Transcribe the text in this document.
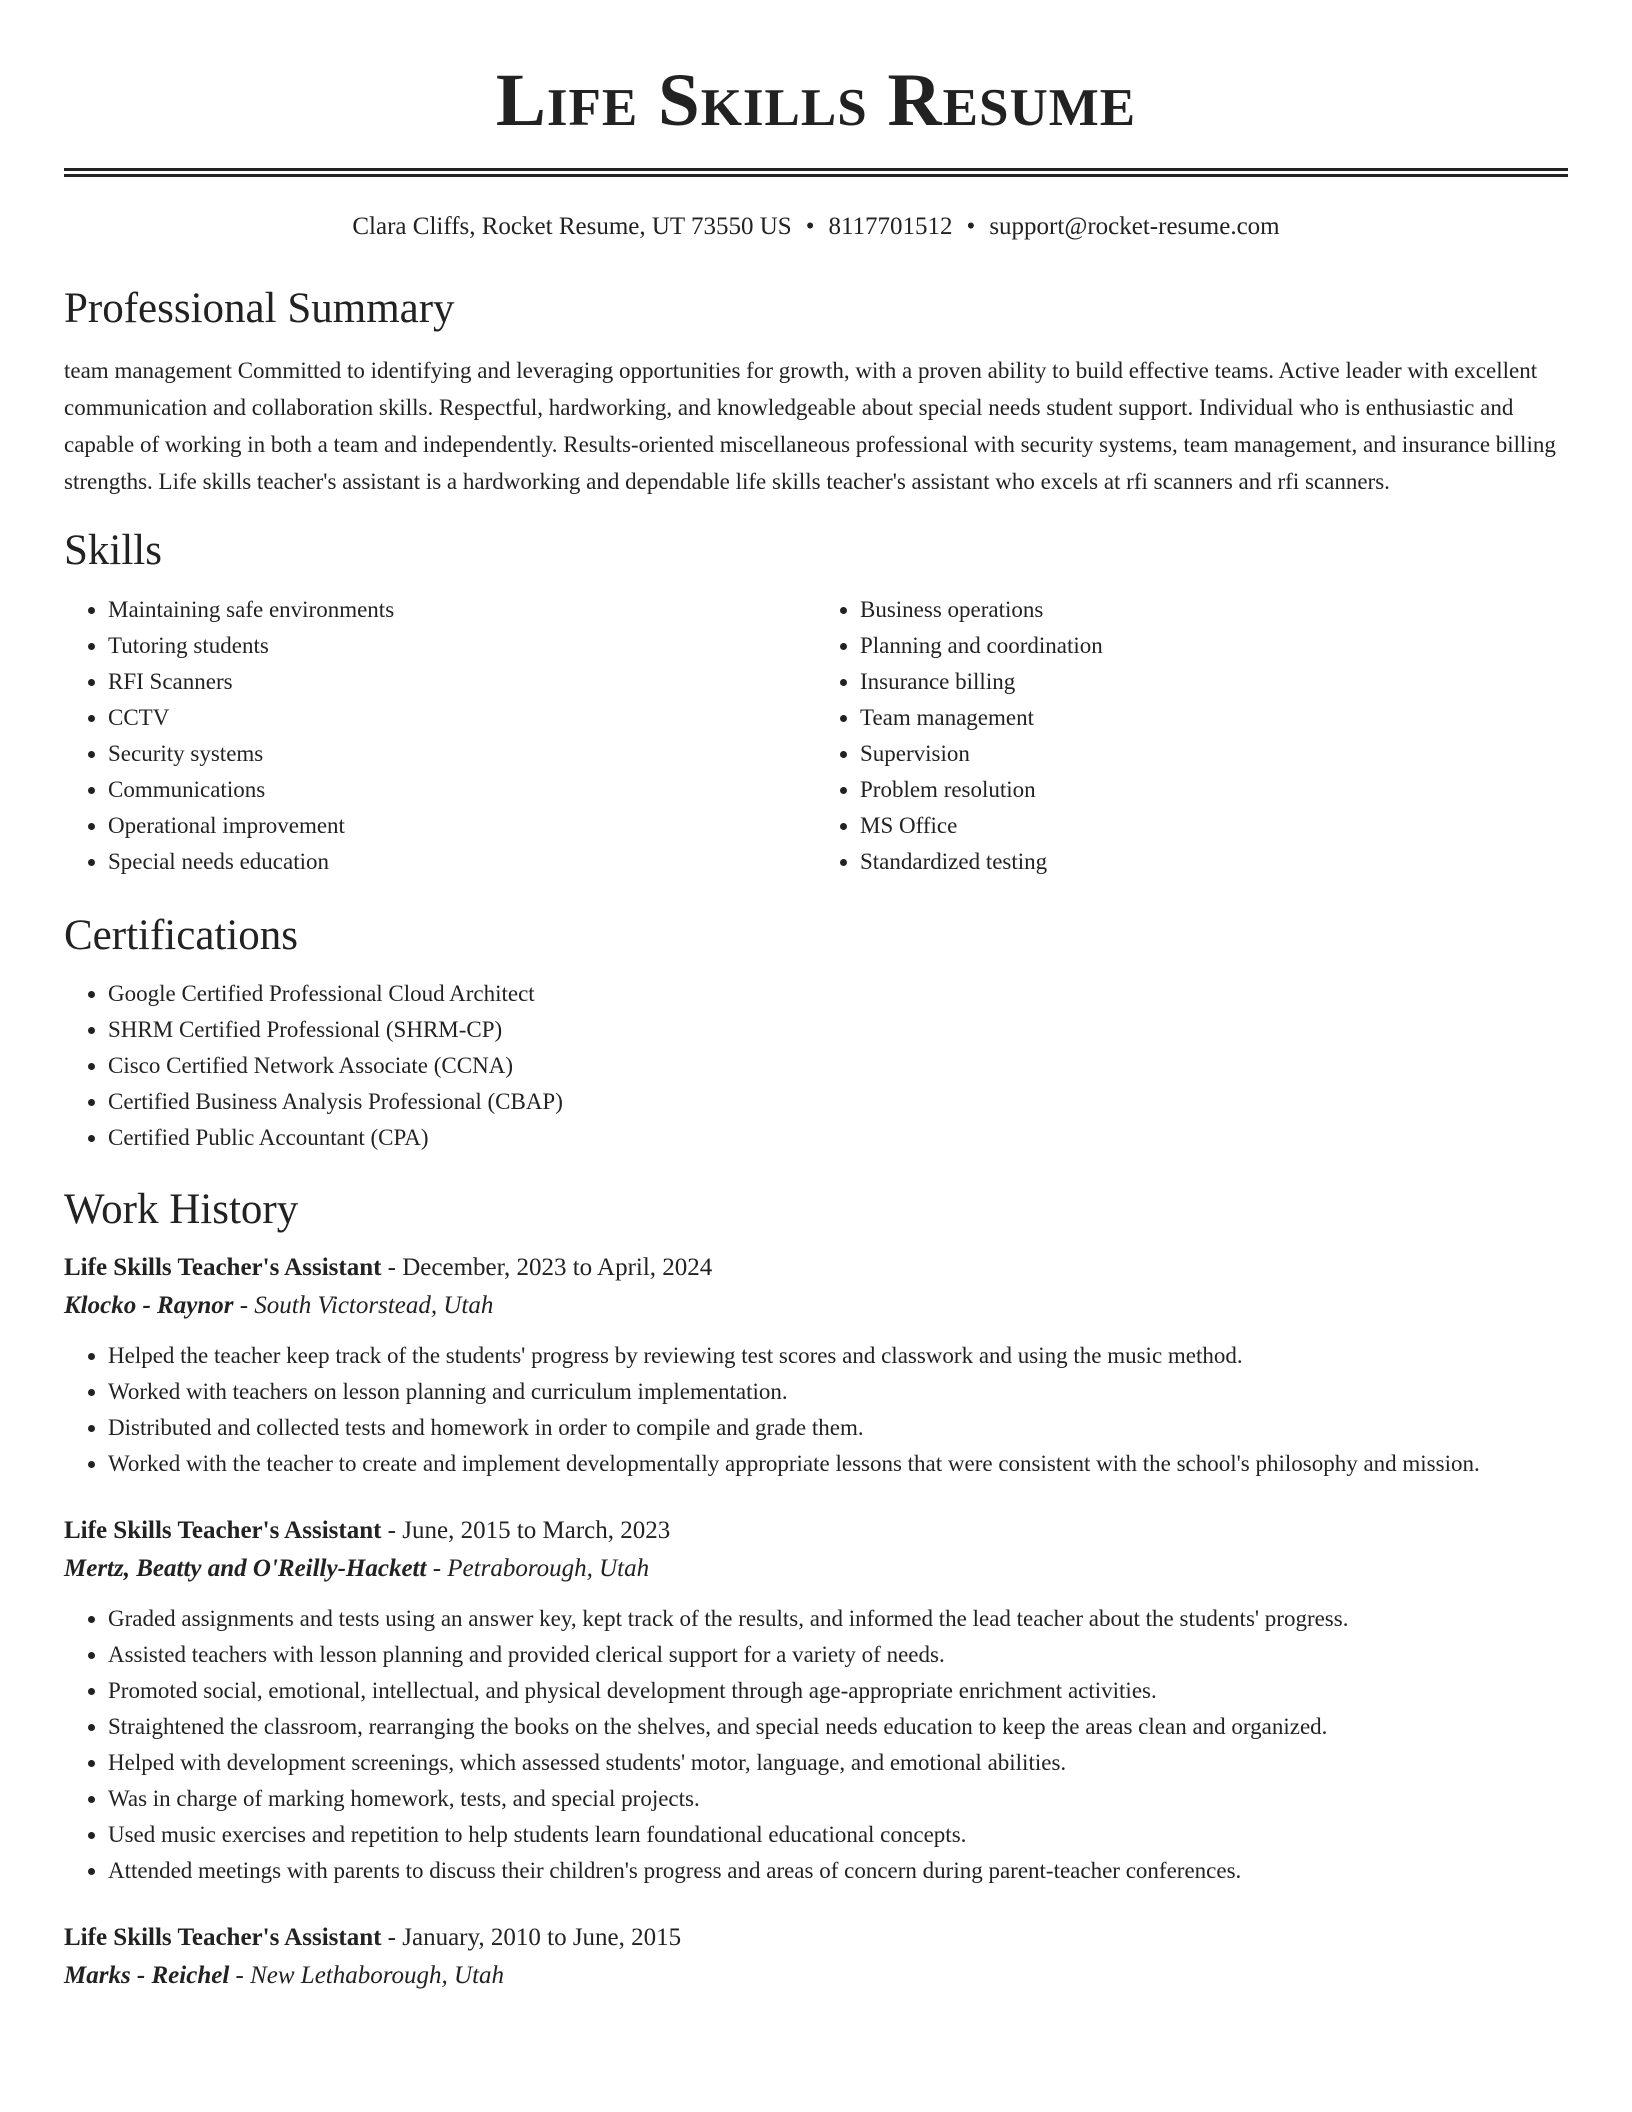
Life Skills Resume
Clara Cliffs, Rocket Resume, UT 73550 US • 8117701512 • support@rocket-resume.com
Professional Summary

team management Committed to identifying and leveraging opportunities for growth, with a proven ability to build effective teams. Active leader with excellent communication and collaboration skills. Respectful, hardworking, and knowledgeable about special needs student support. Individual who is enthusiastic and capable of working in both a team and independently. Results-oriented miscellaneous professional with security systems, team management, and insurance billing strengths. Life skills teacher's assistant is a hardworking and dependable life skills teacher's assistant who excels at rfi scanners and rfi scanners.

Skills
• Maintaining safe environments
• Tutoring students
• RFI Scanners
• CCTV
• Security systems
• Communications
• Operational improvement
• Special needs education
• Business operations
• Planning and coordination
• Insurance billing
• Team management
• Supervision
• Problem resolution
• MS Office
• Standardized testing
Certifications
• Google Certified Professional Cloud Architect
• SHRM Certified Professional (SHRM-CP)
• Cisco Certified Network Associate (CCNA)
• Certified Business Analysis Professional (CBAP)
• Certified Public Accountant (CPA)
Work History
Life Skills Teacher's Assistant - December, 2023 to April, 2024
Klocko - Raynor - South Victorstead, Utah
• Helped the teacher keep track of the students' progress by reviewing test scores and classwork and using the music method.
• Worked with teachers on lesson planning and curriculum implementation.
• Distributed and collected tests and homework in order to compile and grade them.
• Worked with the teacher to create and implement developmentally appropriate lessons that were consistent with the school's philosophy and mission.
Life Skills Teacher's Assistant - June, 2015 to March, 2023
Mertz, Beatty and O'Reilly-Hackett - Petraborough, Utah
• Graded assignments and tests using an answer key, kept track of the results, and informed the lead teacher about the students' progress.
• Assisted teachers with lesson planning and provided clerical support for a variety of needs.
• Promoted social, emotional, intellectual, and physical development through age-appropriate enrichment activities.
• Straightened the classroom, rearranging the books on the shelves, and special needs education to keep the areas clean and organized.
• Helped with development screenings, which assessed students' motor, language, and emotional abilities.
• Was in charge of marking homework, tests, and special projects.
• Used music exercises and repetition to help students learn foundational educational concepts.
• Attended meetings with parents to discuss their children's progress and areas of concern during parent-teacher conferences.
Life Skills Teacher's Assistant - January, 2010 to June, 2015
Marks - Reichel - New Lethaborough, Utah
